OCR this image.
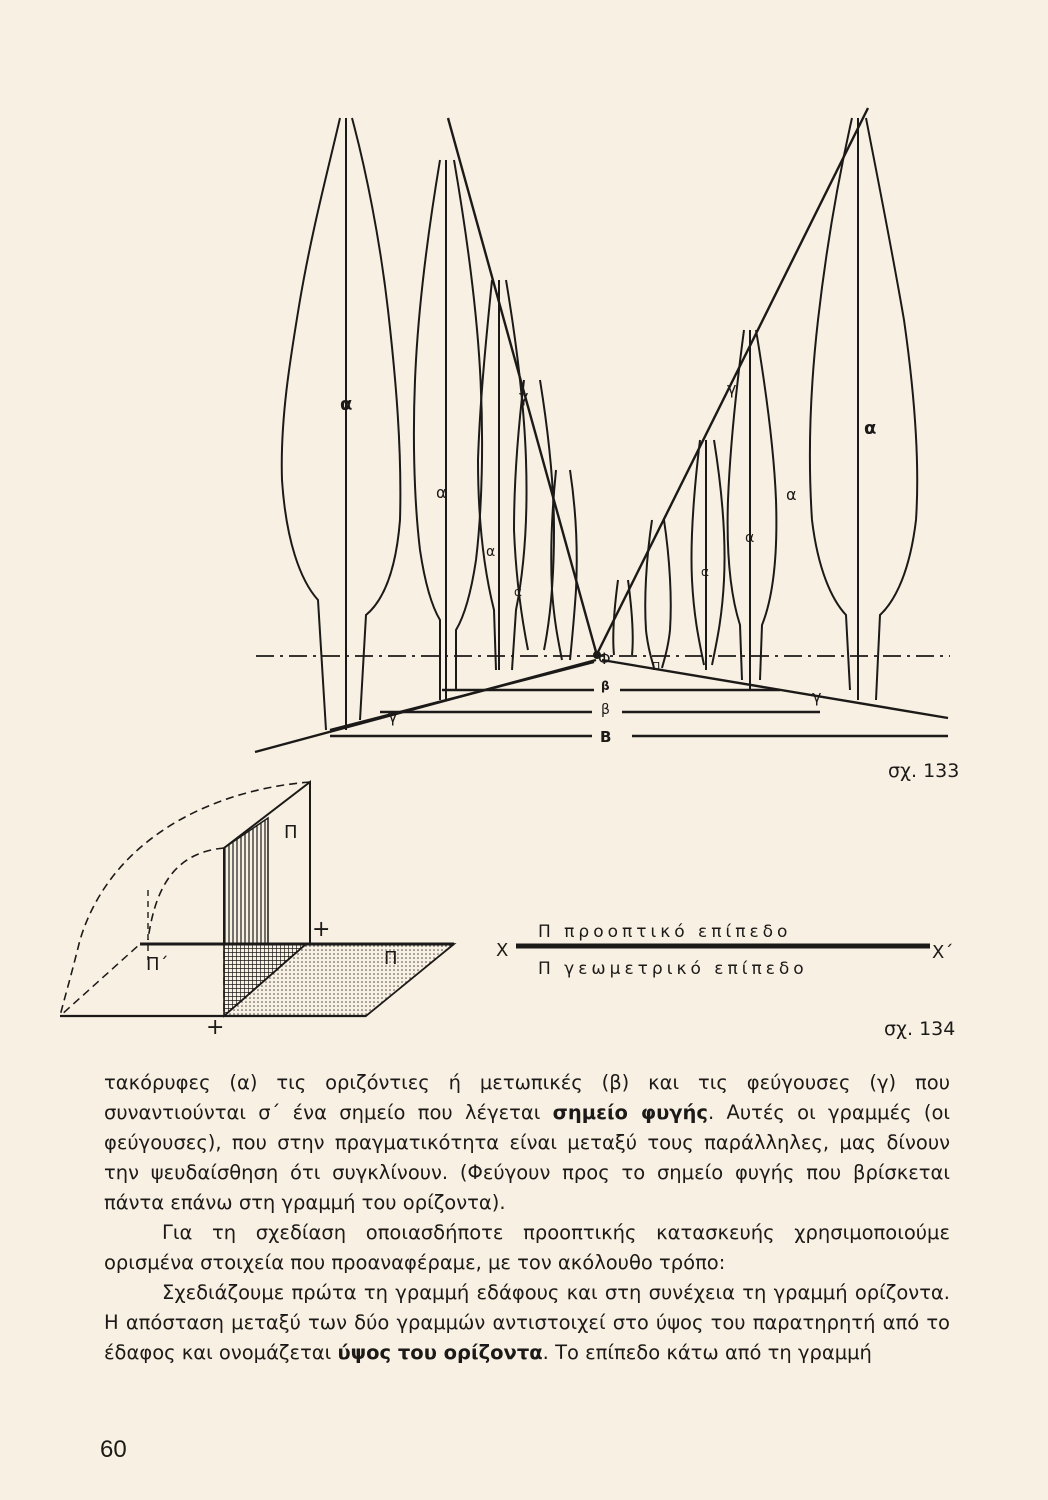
α
α
α
α
γ
γ
α
α
α
α
γ
γ
Φ	Π
β
β
Β
σχ. 133
Π
Π
Π΄
+
+
X	X΄
Π προοπτικό επίπεδο
Π γεωμετρικό επίπεδο
σχ. 134

τακόρυφες (α) τις οριζόντιες ή μετωπικές (β) και τις φεύγουσες (γ) που συναντιούνται σ΄ ένα σημείο που λέγεται σημείο φυγής. Αυτές οι γραμμές (οι φεύγουσες), που στην πραγματικότητα είναι μεταξύ τους παράλληλες, μας δίνουν την ψευδαίσθηση ότι συγκλίνουν. (Φεύγουν προς το σημείο φυγής που βρίσκεται πάντα επάνω στη γραμμή του ορίζοντα).

Για τη σχεδίαση οποιασδήποτε προοπτικής κατασκευής χρησιμοποιούμε ορισμένα στοιχεία που προαναφέραμε, με τον ακόλουθο τρόπο:

Σχεδιάζουμε πρώτα τη γραμμή εδάφους και στη συνέχεια τη γραμμή ορίζοντα. Η απόσταση μεταξύ των δύο γραμμών αντιστοιχεί στο ύψος του παρατηρητή από το έδαφος και ονομάζεται ύψος του ορίζοντα. Το επίπεδο κάτω από τη γραμμή

60
